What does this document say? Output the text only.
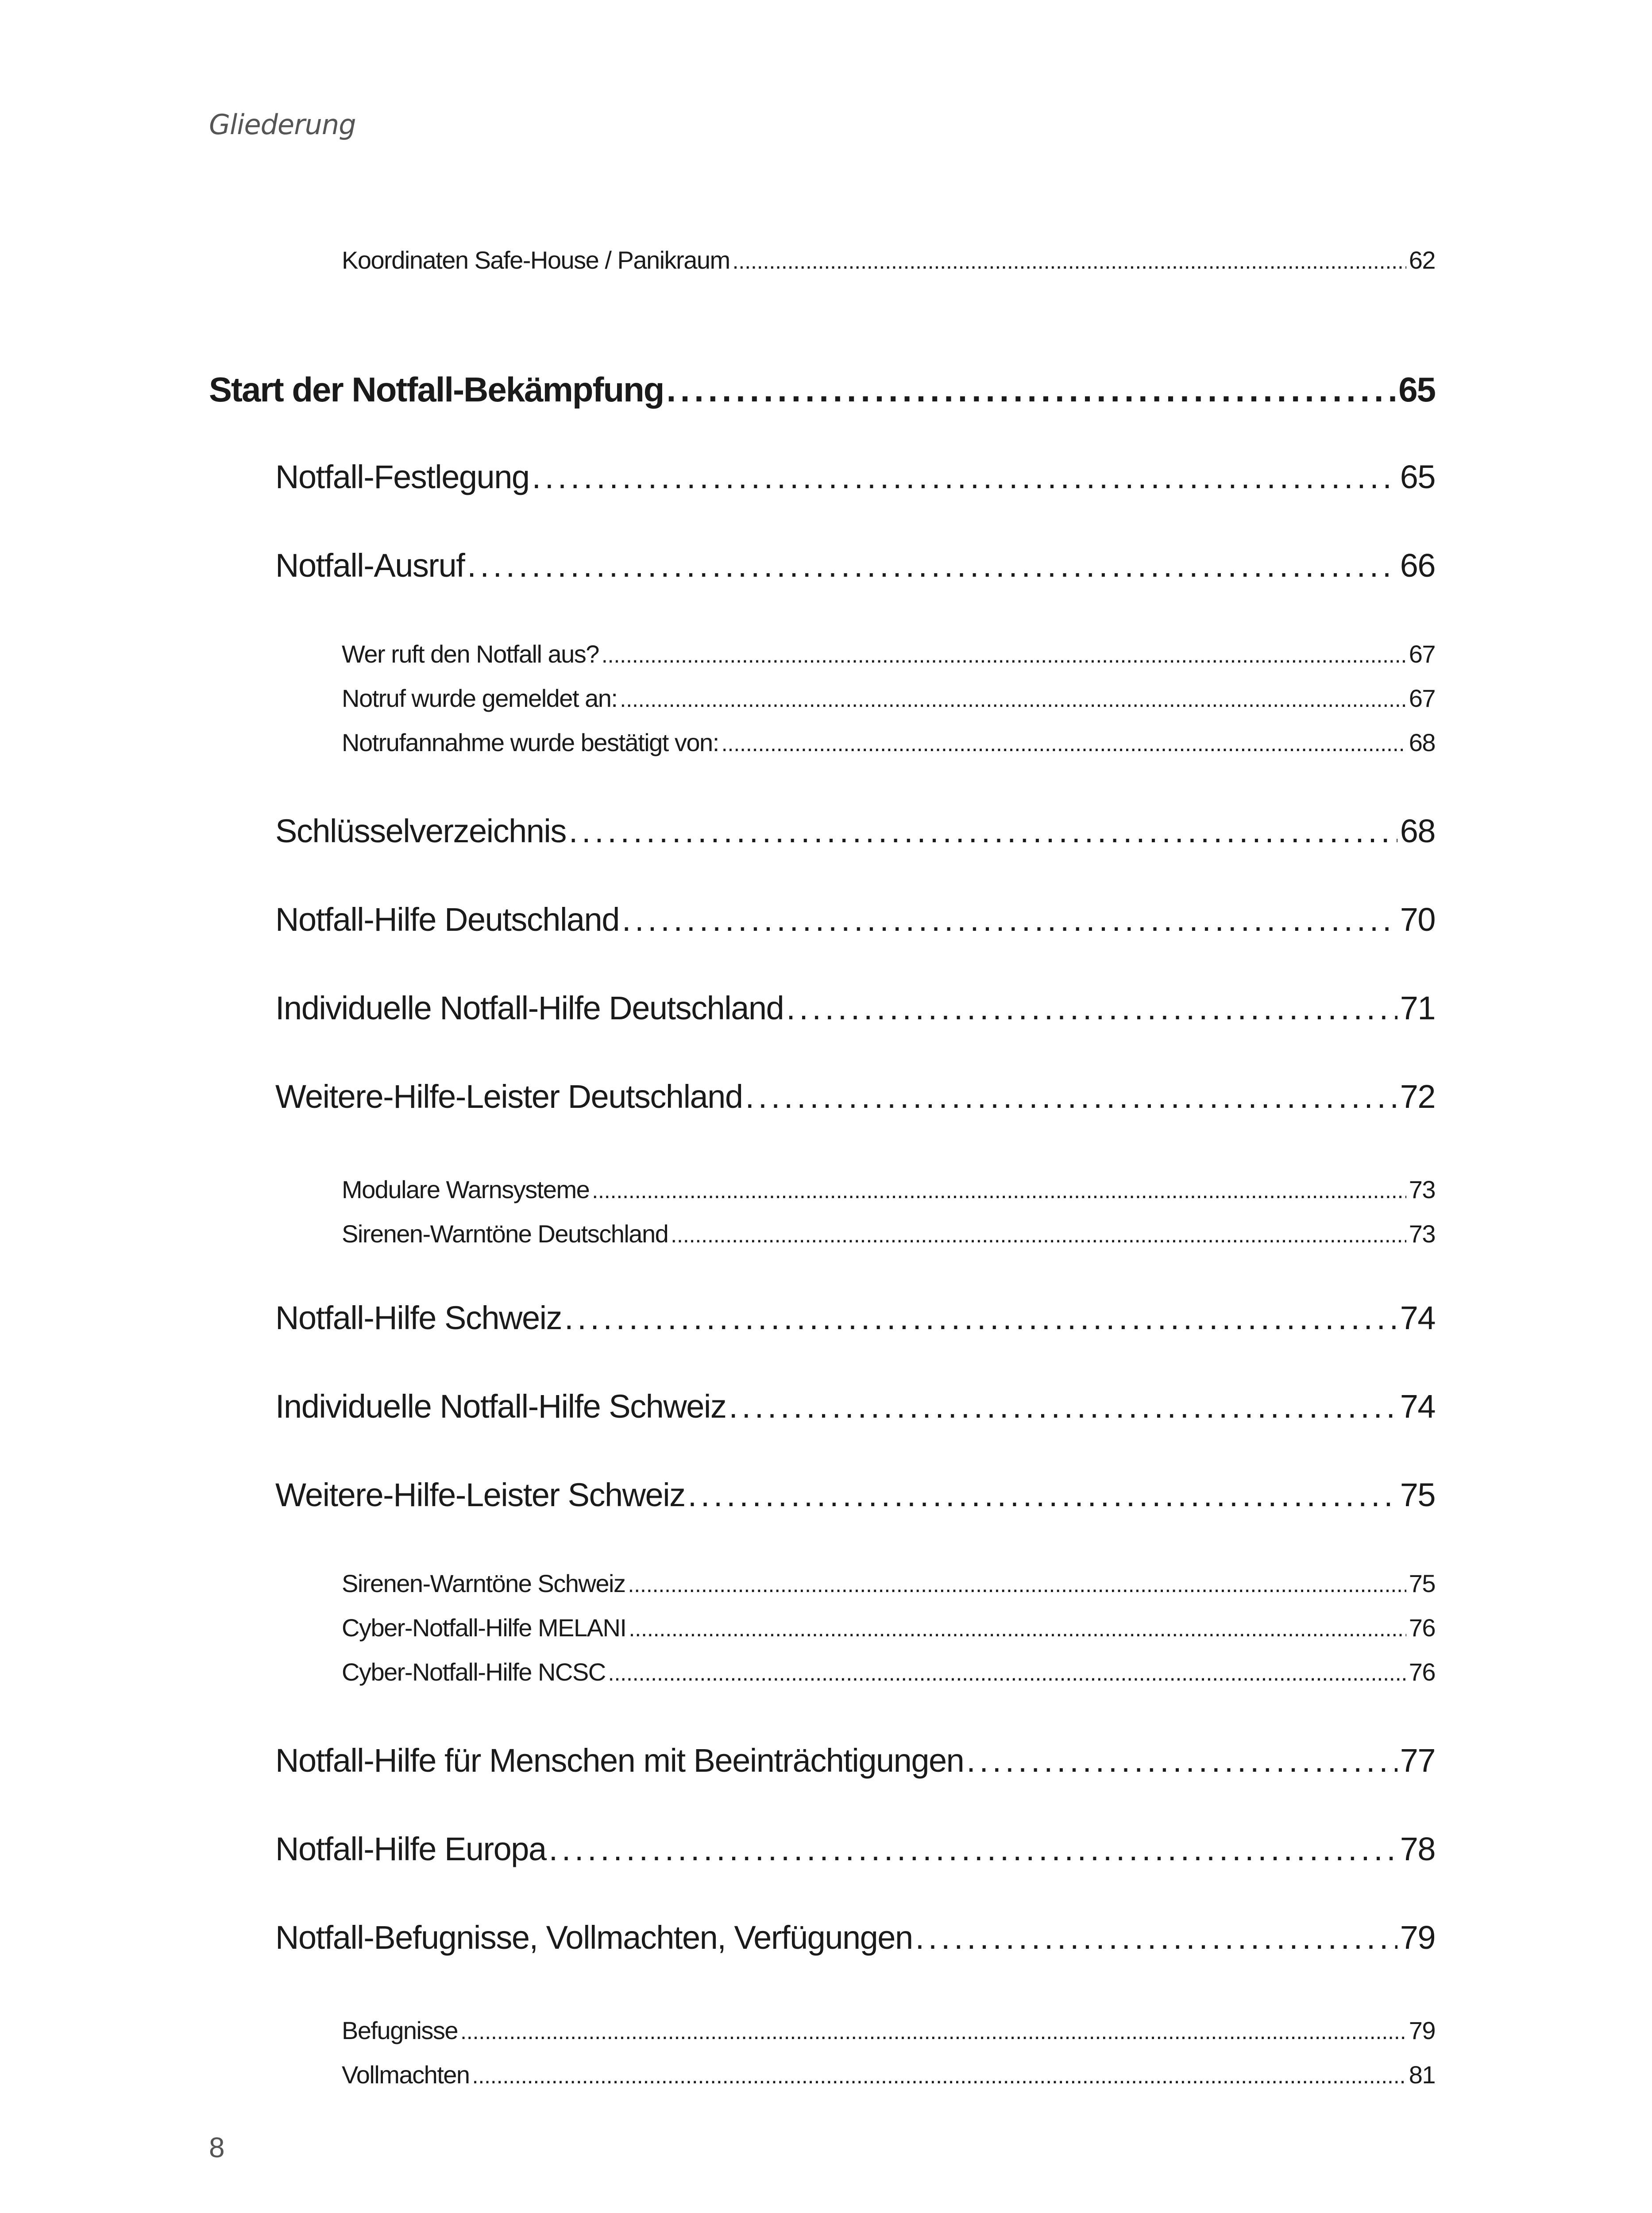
Gliederung
Koordinaten Safe-House / Panikraum . . .	62
Start der Notfall-Bekämpfung . . .	65
Notfall-Festlegung . . .	65
Notfall-Ausruf . . .	66
Wer ruft den Notfall aus? . . .	67
Notruf wurde gemeldet an: . . .	67
Notrufannahme wurde bestätigt von: . . .	68
Schlüsselverzeichnis . . .	68
Notfall-Hilfe Deutschland . . .	70
Individuelle Notfall-Hilfe Deutschland . . .	71
Weitere-Hilfe-Leister Deutschland . . .	72
Modulare Warnsysteme . . .	73
Sirenen-Warntöne Deutschland . . .	73
Notfall-Hilfe Schweiz . . .	74
Individuelle Notfall-Hilfe Schweiz . . .	74
Weitere-Hilfe-Leister Schweiz . . .	75
Sirenen-Warntöne Schweiz . . .	75
Cyber-Notfall-Hilfe MELANI . . .	76
Cyber-Notfall-Hilfe NCSC . . .	76
Notfall-Hilfe für Menschen mit Beeinträchtigungen . . .	77
Notfall-Hilfe Europa . . .	78
Notfall-Befugnisse, Vollmachten, Verfügungen . . .	79
Befugnisse . . .	79
Vollmachten . . .	81
8
